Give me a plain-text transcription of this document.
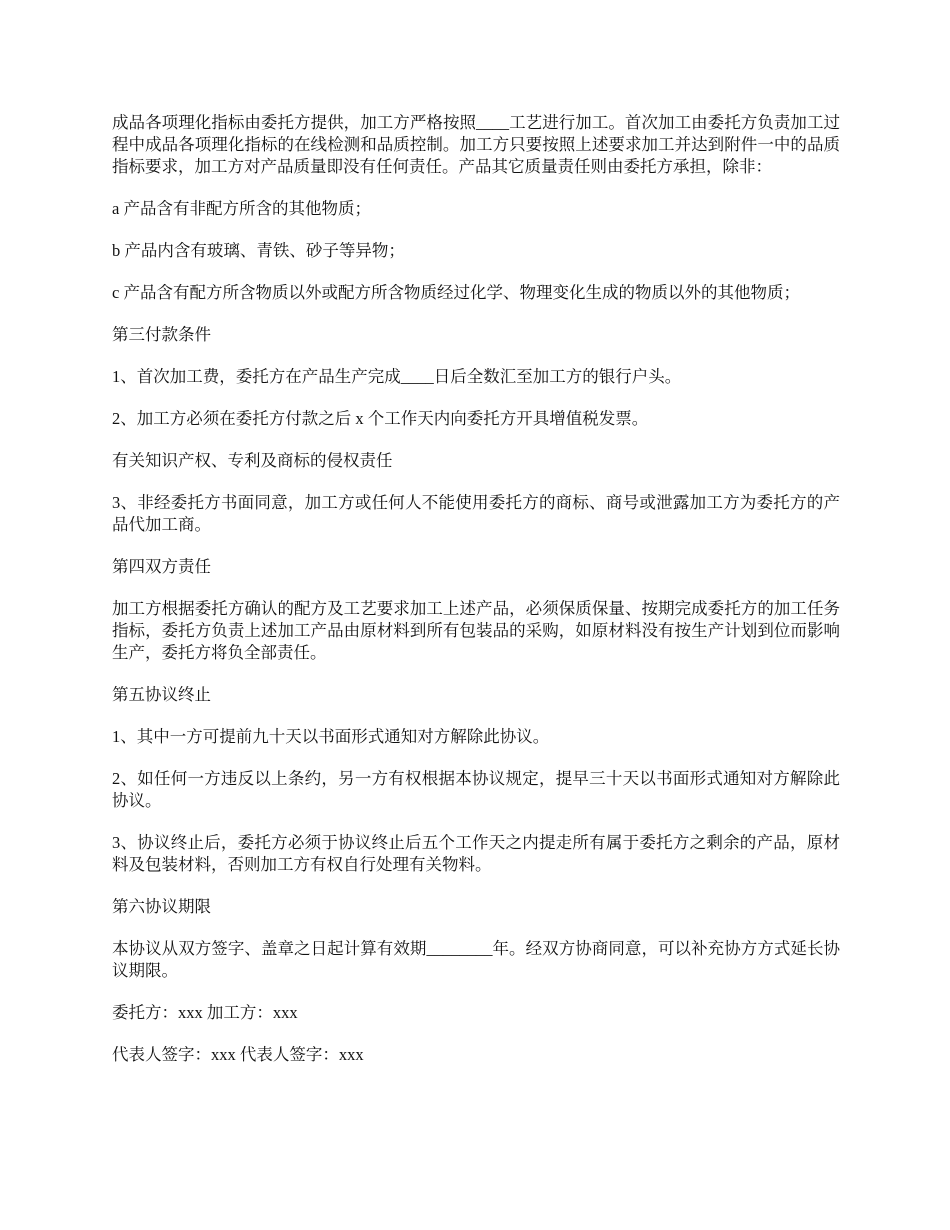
成品各项理化指标由委托方提供，加工方严格按照____工艺进行加工。首次加工由委托方负责加工过程中成品各项理化指标的在线检测和品质控制。加工方只要按照上述要求加工并达到附件一中的品质指标要求，加工方对产品质量即没有任何责任。产品其它质量责任则由委托方承担，除非：

a 产品含有非配方所含的其他物质；

b 产品内含有玻璃、青铁、砂子等异物；

c 产品含有配方所含物质以外或配方所含物质经过化学、物理变化生成的物质以外的其他物质；

第三付款条件

1、首次加工费，委托方在产品生产完成____日后全数汇至加工方的银行户头。

2、加工方必须在委托方付款之后 x 个工作天内向委托方开具增值税发票。

有关知识产权、专利及商标的侵权责任

3、非经委托方书面同意，加工方或任何人不能使用委托方的商标、商号或泄露加工方为委托方的产品代加工商。

第四双方责任

加工方根据委托方确认的配方及工艺要求加工上述产品，必须保质保量、按期完成委托方的加工任务指标，委托方负责上述加工产品由原材料到所有包装品的采购，如原材料没有按生产计划到位而影响生产，委托方将负全部责任。

第五协议终止

1、其中一方可提前九十天以书面形式通知对方解除此协议。

2、如任何一方违反以上条约，另一方有权根据本协议规定，提早三十天以书面形式通知对方解除此协议。

3、协议终止后，委托方必须于协议终止后五个工作天之内提走所有属于委托方之剩余的产品，原材料及包装材料，否则加工方有权自行处理有关物料。

第六协议期限

本协议从双方签字、盖章之日起计算有效期________年。经双方协商同意，可以补充协方方式延长协议期限。

委托方：xxx 加工方：xxx

代表人签字：xxx 代表人签字：xxx
